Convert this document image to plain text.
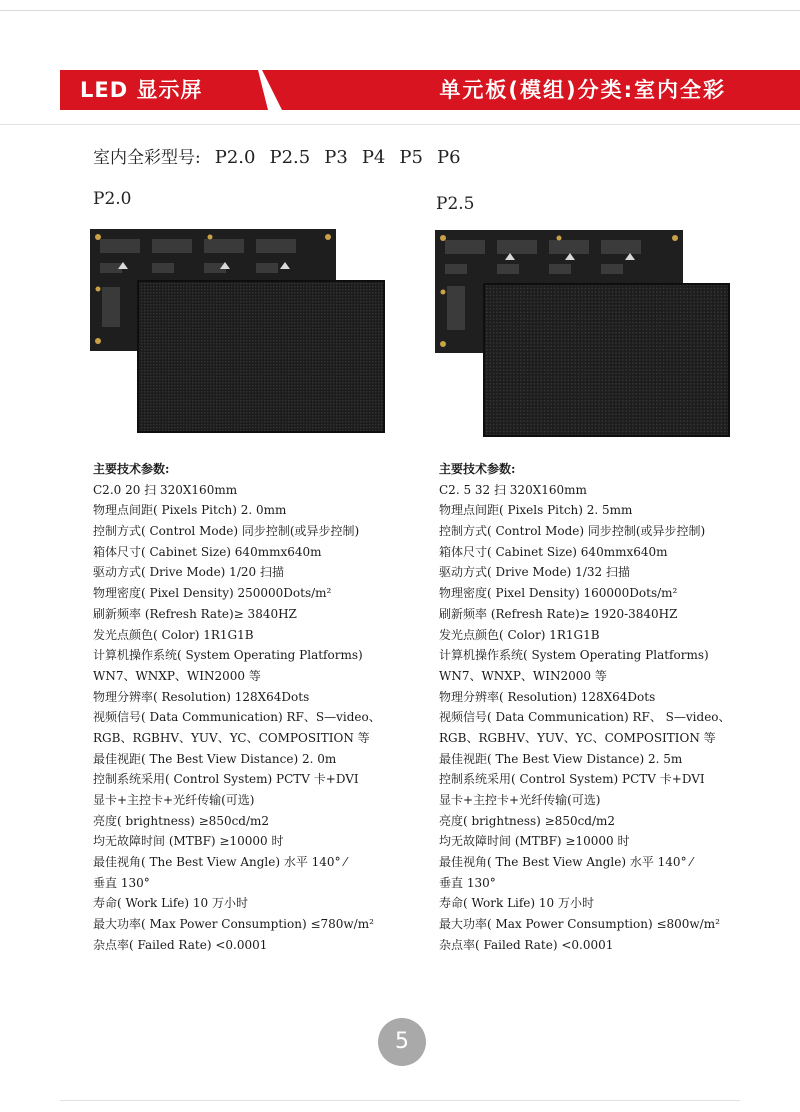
LED 显示屏	单元板(模组)分类:室内全彩
室内全彩型号: P2.0 P2.5 P3 P4 P5 P6
P2.0	P2.5
主要技术参数:
C2.0 20 扫 320X160mm
物理点间距( Pixels Pitch) 2. 0mm
控制方式( Control Mode) 同步控制(或异步控制)
箱体尺寸( Cabinet Size) 640mmx640m
驱动方式( Drive Mode) 1/20 扫描
物理密度( Pixel Density) 250000Dots/m²
刷新频率 (Refresh Rate)≥ 3840HZ
发光点颜色( Color) 1R1G1B
计算机操作系统( System Operating Platforms)
WN7、WNXP、WIN2000 等
物理分辨率( Resolution) 128X64Dots
视频信号( Data Communication) RF、S—video、
RGB、RGBHV、YUV、YC、COMPOSITION 等
最佳视距( The Best View Distance) 2. 0m
控制系统采用( Control System) PCTV 卡+DVI
显卡+主控卡+光纤传输(可选)
亮度( brightness) ≥850cd/m2
均无故障时间 (MTBF) ≥10000 时
最佳视角( The Best View Angle) 水平 140° ⁄
垂直 130°
寿命( Work Life) 10 万小时
最大功率( Max Power Consumption) ≤780w/m²
杂点率( Failed Rate) <0.0001
主要技术参数:
C2. 5 32 扫 320X160mm
物理点间距( Pixels Pitch) 2. 5mm
控制方式( Control Mode) 同步控制(或异步控制)
箱体尺寸( Cabinet Size) 640mmx640m
驱动方式( Drive Mode) 1/32 扫描
物理密度( Pixel Density) 160000Dots/m²
刷新频率 (Refresh Rate)≥ 1920-3840HZ
发光点颜色( Color) 1R1G1B
计算机操作系统( System Operating Platforms)
WN7、WNXP、WIN2000 等
物理分辨率( Resolution) 128X64Dots
视频信号( Data Communication) RF、 S—video、
RGB、RGBHV、YUV、YC、COMPOSITION 等
最佳视距( The Best View Distance) 2. 5m
控制系统采用( Control System) PCTV 卡+DVI
显卡+主控卡+光纤传输(可选)
亮度( brightness) ≥850cd/m2
均无故障时间 (MTBF) ≥10000 时
最佳视角( The Best View Angle) 水平 140° ⁄
垂直 130°
寿命( Work Life) 10 万小时
最大功率( Max Power Consumption) ≤800w/m²
杂点率( Failed Rate) <0.0001
5
